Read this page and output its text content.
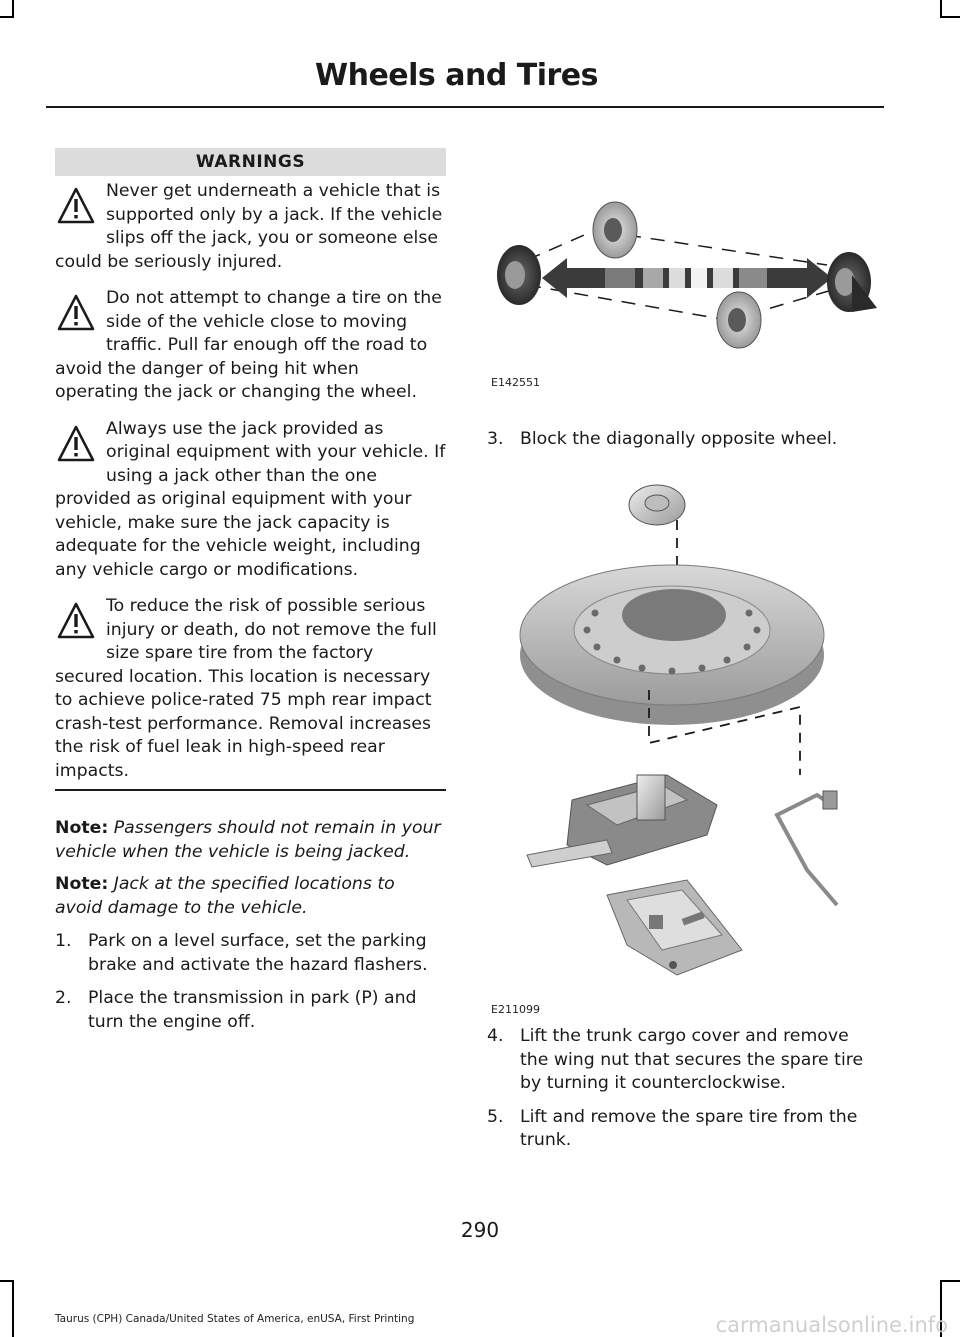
Wheels and Tires
WARNINGS

Never get underneath a vehicle that is supported only by a jack. If the vehicle slips off the jack, you or someone else could be seriously injured.

Do not attempt to change a tire on the side of the vehicle close to moving traffic. Pull far enough off the road to avoid the danger of being hit when operating the jack or changing the wheel.

Always use the jack provided as original equipment with your vehicle. If using a jack other than the one provided as original equipment with your vehicle, make sure the jack capacity is adequate for the vehicle weight, including any vehicle cargo or modifications.

To reduce the risk of possible serious injury or death, do not remove the full size spare tire from the factory secured location. This location is necessary to achieve police-rated 75 mph rear impact crash-test performance. Removal increases the risk of fuel leak in high-speed rear impacts.

Note: Passengers should not remain in your vehicle when the vehicle is being jacked.

Note: Jack at the specified locations to avoid damage to the vehicle.

1. Park on a level surface, set the parking brake and activate the hazard flashers.
2. Place the transmission in park (P) and turn the engine off.
E142551
3. Block the diagonally opposite wheel.
E211099
4. Lift the trunk cargo cover and remove the wing nut that secures the spare tire by turning it counterclockwise.
5. Lift and remove the spare tire from the trunk.
290
Taurus (CPH) Canada/United States of America, enUSA, First Printing	carmanualsonline.info
